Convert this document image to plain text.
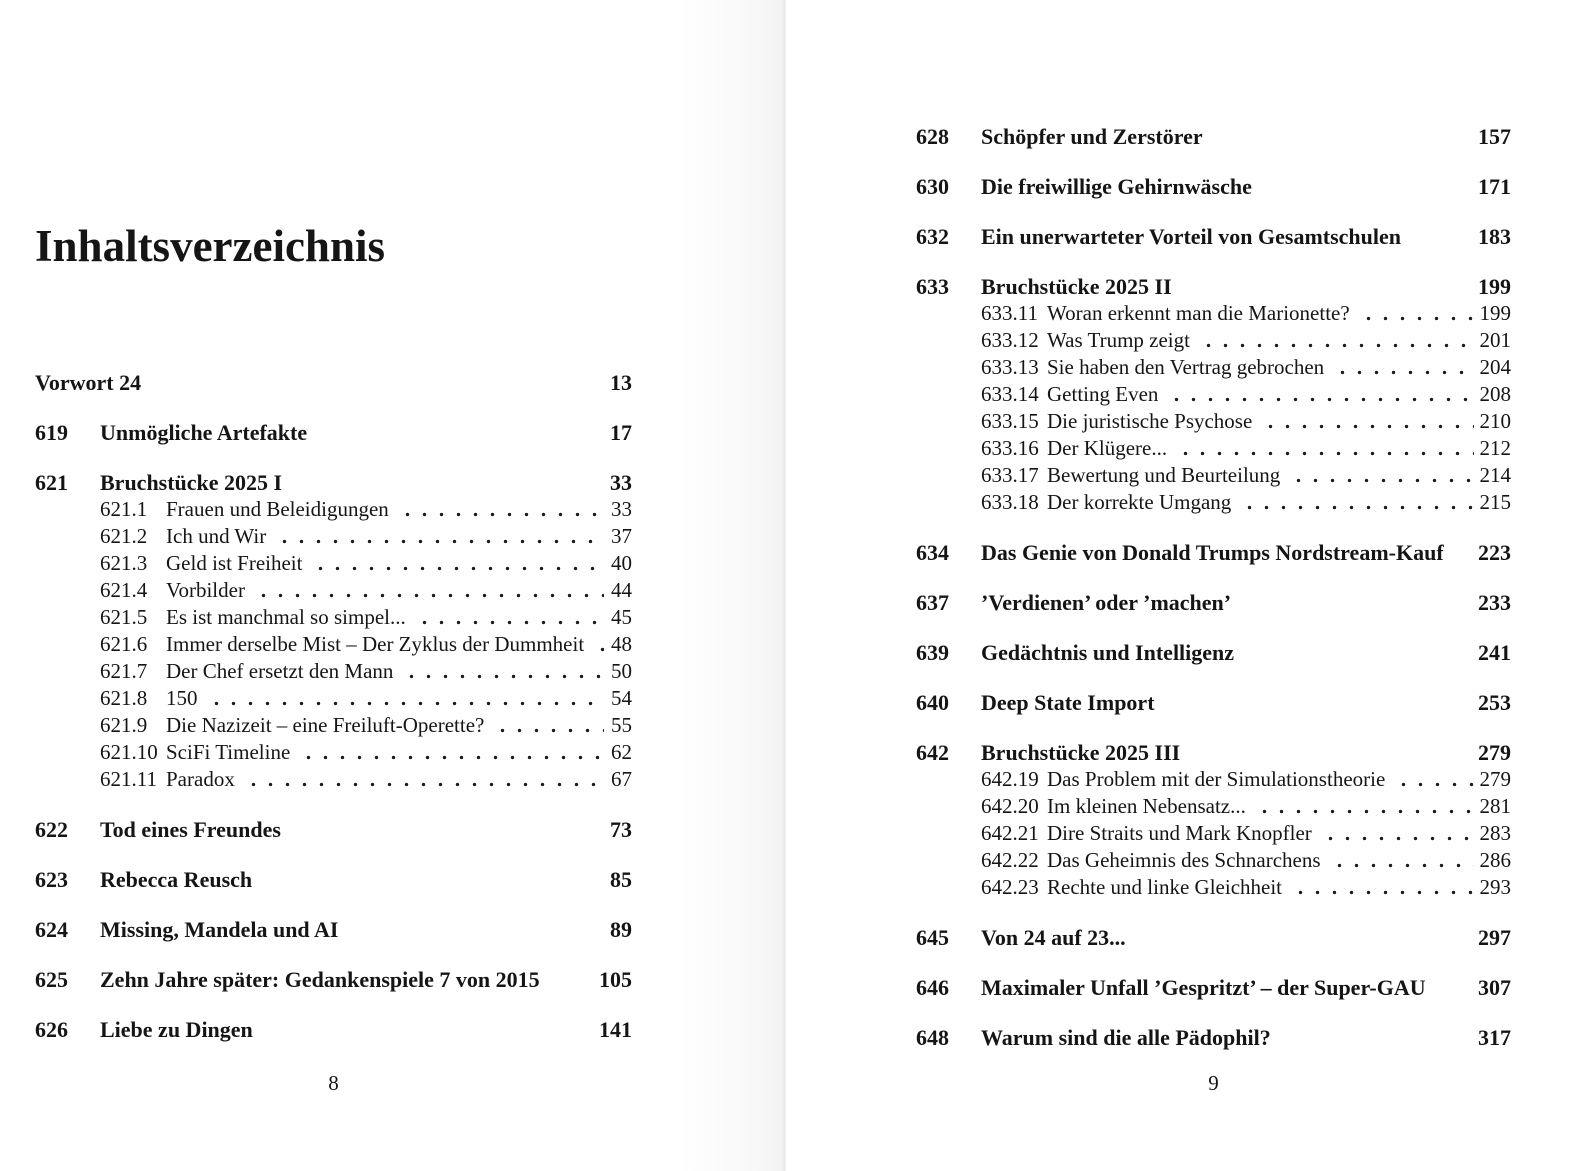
Inhaltsverzeichnis
Vorwort 24	13
619	Unmögliche Artefakte	17
621	Bruchstücke 2025 I	33
621.1 Frauen und Beleidigungen	33
621.2 Ich und Wir	37
621.3 Geld ist Freiheit	40
621.4 Vorbilder	44
621.5 Es ist manchmal so simpel...	45
621.6 Immer derselbe Mist – Der Zyklus der Dummheit 48
621.7 Der Chef ersetzt den Mann	50
621.8 150	54
621.9 Die Nazizeit – eine Freiluft-Operette?	55
621.10 SciFi Timeline	62
621.11 Paradox	67
622	Tod eines Freundes	73
623	Rebecca Reusch	85
624	Missing, Mandela und AI	89
625	Zehn Jahre später: Gedankenspiele 7 von 2015	105
626	Liebe zu Dingen	141
8
628	Schöpfer und Zerstörer	157
630	Die freiwillige Gehirnwäsche	171
632	Ein unerwarteter Vorteil von Gesamtschulen	183
633	Bruchstücke 2025 II	199
633.11 Woran erkennt man die Marionette?	199
633.12 Was Trump zeigt	201
633.13 Sie haben den Vertrag gebrochen	204
633.14 Getting Even	208
633.15 Die juristische Psychose	210
633.16 Der Klügere...	212
633.17 Bewertung und Beurteilung	214
633.18 Der korrekte Umgang	215
634	Das Genie von Donald Trumps Nordstream-Kauf 223
637	’Verdienen’ oder ’machen’	233
639	Gedächtnis und Intelligenz	241
640	Deep State Import	253
642	Bruchstücke 2025 III	279
642.19 Das Problem mit der Simulationstheorie	279
642.20 Im kleinen Nebensatz...	281
642.21 Dire Straits und Mark Knopfler	283
642.22 Das Geheimnis des Schnarchens	286
642.23 Rechte und linke Gleichheit	293
645	Von 24 auf 23...	297
646	Maximaler Unfall ’Gespritzt’ – der Super-GAU 307
648	Warum sind die alle Pädophil?	317
9
